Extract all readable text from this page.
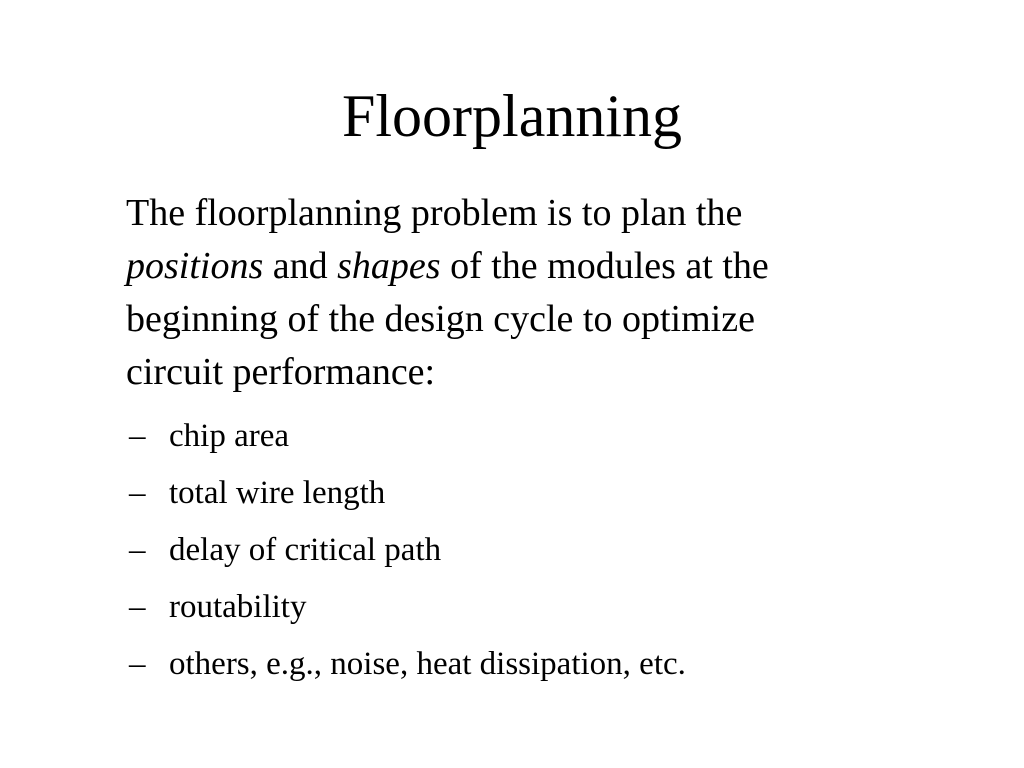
Floorplanning

The floorplanning problem is to plan the
positions and shapes of the modules at the
beginning of the design cycle to optimize
circuit performance:

– chip area
– total wire length
– delay of critical path
– routability
– others, e.g., noise, heat dissipation, etc.
